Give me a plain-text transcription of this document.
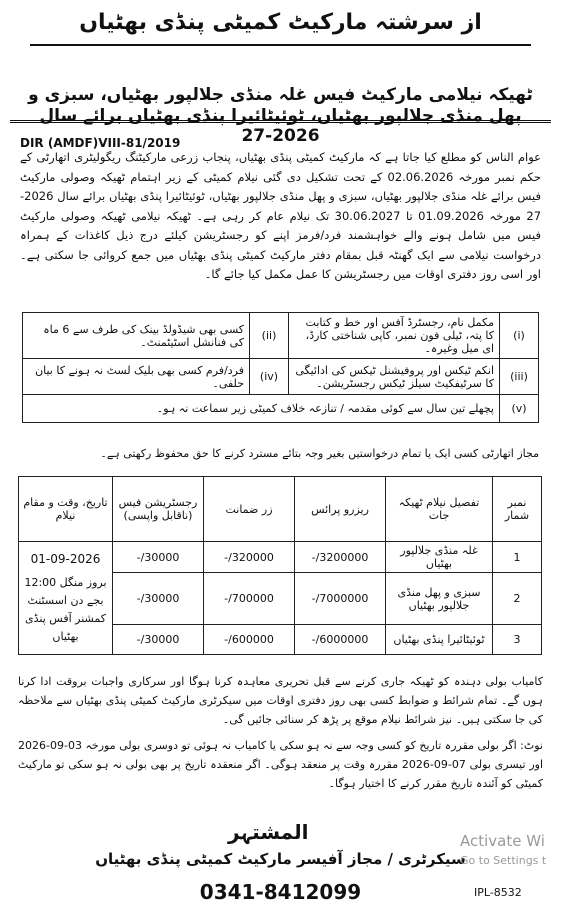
از سرشتہ مارکیٹ کمیٹی پنڈی بھٹیاں
ٹھیکہ نیلامی مارکیٹ فیس غلہ منڈی جلالپور بھٹیاں، سبزی و پھل منڈی جلالپور بھٹیاں، ٹوئیٹائیرا پنڈی بھٹیاں برائے سال 2026-27
DIR (AMDF)VIII-81/2019
عوام الناس کو مطلع کیا جاتا ہے کہ مارکیٹ کمیٹی پنڈی بھٹیاں، پنجاب زرعی مارکیٹنگ ریگولیٹری اتھارٹی کے حکم نمبر مورخہ 02.06.2026 کے تحت تشکیل دی گئی نیلام کمیٹی کے زیر اہتمام ٹھیکہ وصولی مارکیٹ فیس برائے غلہ منڈی جلالپور بھٹیاں، سبزی و پھل منڈی جلالپور بھٹیاں، ٹوئیٹائیرا پنڈی بھٹیاں برائے سال 2026-27 مورخہ 01.09.2026 تا 30.06.2027 تک نیلام عام کر رہی ہے۔ ٹھیکہ نیلامی ٹھیکہ وصولی مارکیٹ فیس میں شامل ہونے والے خواہشمند فرد/فرمز اپنے کو رجسٹریشن کیلئے درج ذیل کاغذات کے ہمراہ درخواست نیلامی سے ایک گھنٹہ قبل بمقام دفتر مارکیٹ کمیٹی پنڈی بھٹیاں میں جمع کروائی جا سکتی ہے۔ اور اسی روز دفتری اوقات میں رجسٹریشن کا عمل مکمل کیا جائے گا۔
(i)	مکمل نام، رجسٹرڈ آفس اور خط و کتابت کا پتہ، ٹیلی فون نمبر، کاپی شناختی کارڈ، ای میل وغیرہ۔	(ii)	کسی بھی شیڈولڈ بینک کی طرف سے 6 ماہ کی فنانشل اسٹیٹمنٹ۔
(iii)	انکم ٹیکس اور پروفیشنل ٹیکس کی ادائیگی کا سرٹیفکیٹ سیلز ٹیکس رجسٹریشن۔	(iv)	فرد/فرم کسی بھی بلیک لسٹ نہ ہونے کا بیان حلفی۔
(v)	پچھلے تین سال سے کوئی مقدمہ / تنازعہ خلاف کمیٹی زیر سماعت نہ ہو۔		
مجاز اتھارٹی کسی ایک یا تمام درخواستیں بغیر وجہ بتائے مسترد کرنے کا حق محفوظ رکھتی ہے۔
نمبر شمار	تفصیل نیلام ٹھیکہ جات	ریزرو پرائس	زر ضمانت	رجسٹریشن فیس (ناقابل واپسی)	تاریخ، وقت و مقام نیلام
1	غلہ منڈی جلالپور بھٹیاں	3200000/-	320000/-	30000/-	01-09-2026
بروز منگل 12:00 بجے دن اسسٹنٹ کمشنر آفس پنڈی بھٹیاں

2	سبزی و پھل منڈی جلالپور بھٹیاں	7000000/-	700000/-	30000/-	
3	ٹوئیٹائیرا پنڈی بھٹیاں	6000000/-	600000/-	30000/-	
کامیاب بولی دہندہ کو ٹھیکہ جاری کرنے سے قبل تحریری معاہدہ کرنا ہوگا اور سرکاری واجبات بروقت ادا کرنا ہوں گے۔ تمام شرائط و ضوابط کسی بھی روز دفتری اوقات میں سیکرٹری مارکیٹ کمیٹی پنڈی بھٹیاں سے ملاحظہ کی جا سکتی ہیں۔ نیز شرائط نیلام موقع پر پڑھ کر سنائی جائیں گی۔
نوٹ: اگر بولی مقررہ تاریخ کو کسی وجہ سے نہ ہو سکی یا کامیاب نہ ہوئی تو دوسری بولی مورخہ 03-09-2026 اور تیسری بولی 07-09-2026 مقررہ وقت پر منعقد ہوگی۔ اگر منعقدہ تاریخ پر بھی بولی نہ ہو سکی تو مارکیٹ کمیٹی کو آئندہ تاریخ مقرر کرنے کا اختیار ہوگا۔
المشتہر
سیکرٹری / مجاز آفیسر مارکیٹ کمیٹی پنڈی بھٹیاں
0341-8412099	IPL-8532
Activate Wi
Go to Settings t
